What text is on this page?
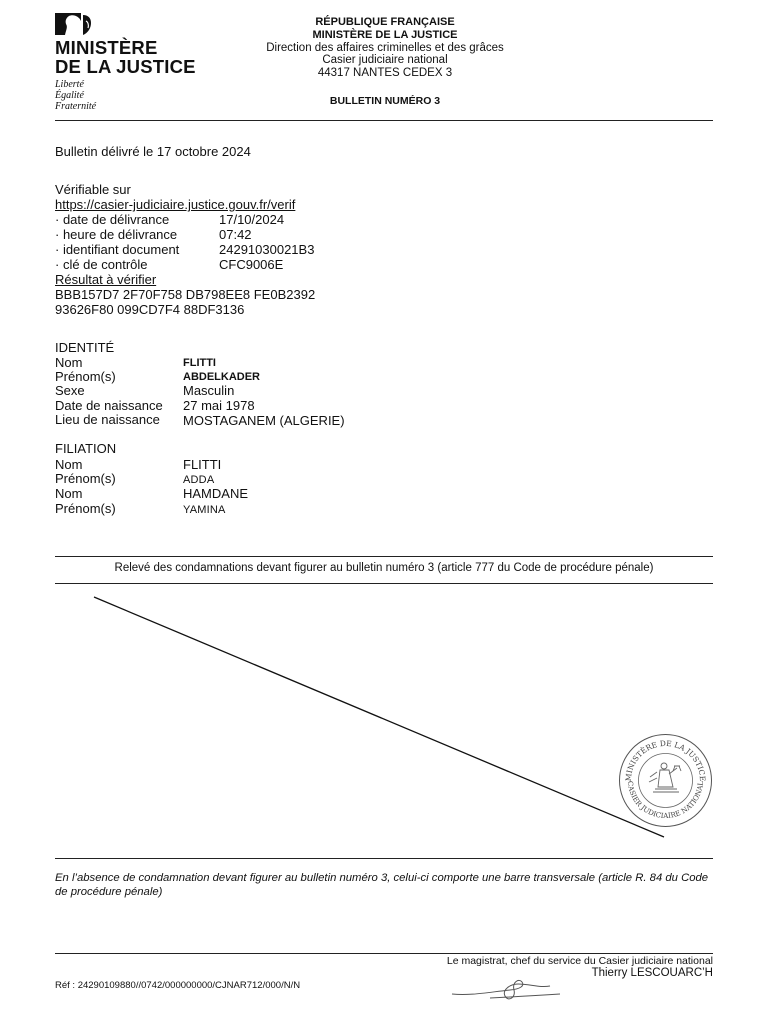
MINISTÈRE
DE LA JUSTICE
Liberté
Égalité
Fraternité
RÉPUBLIQUE FRANÇAISE
MINISTÈRE DE LA JUSTICE
Direction des affaires criminelles et des grâces
Casier judiciaire national
44317 NANTES CEDEX 3
BULLETIN NUMÉRO 3
Bulletin délivré le 17 octobre 2024
Vérifiable sur
https://casier-judiciaire.justice.gouv.fr/verif
· date de délivrance	17/10/2024
· heure de délivrance	07:42
· identifiant document	24291030021B3
· clé de contrôle	CFC9006E
Résultat à vérifier
BBB157D7 2F70F758 DB798EE8 FE0B2392
93626F80 099CD7F4 88DF3136
IDENTITÉ
Nom	FLITTI
Prénom(s)	ABDELKADER
Sexe	Masculin
Date de naissance 27 mai 1978
Lieu de naissance MOSTAGANEM (ALGERIE)
FILIATION
Nom	FLITTI
Prénom(s)	ADDA
Nom	HAMDANE
Prénom(s)	YAMINA
Relevé des condamnations devant figurer au bulletin numéro 3 (article 777 du Code de procédure pénale)
MINISTÈRE DE LA JUSTICE
CASIER JUDICIAIRE NATIONAL
En l’absence de condamnation devant figurer au bulletin numéro 3, celui-ci comporte une barre transversale (article R. 84 du Code de procédure pénale)
Le magistrat, chef du service du Casier judiciaire national
Thierry LESCOUARC’H
Réf : 24290109880//0742/000000000/CJNAR712/000/N/N
